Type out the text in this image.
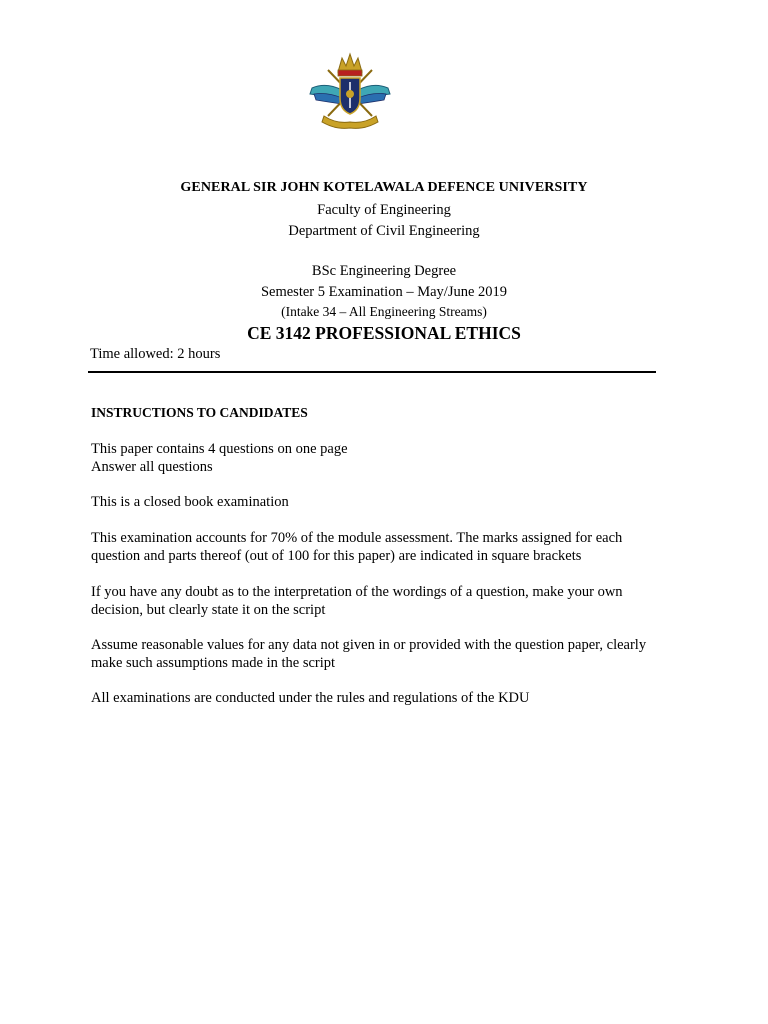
GENERAL SIR JOHN KOTELAWALA DEFENCE UNIVERSITY
Faculty of Engineering
Department of Civil Engineering
BSc Engineering Degree
Semester 5 Examination – May/June 2019
(Intake 34 – All Engineering Streams)
CE 3142 PROFESSIONAL ETHICS
Time allowed: 2 hours
INSTRUCTIONS TO CANDIDATES
This paper contains 4 questions on one page
Answer all questions
This is a closed book examination
This examination accounts for 70% of the module assessment. The marks assigned for each
question and parts thereof (out of 100 for this paper) are indicated in square brackets
If you have any doubt as to the interpretation of the wordings of a question, make your own
decision, but clearly state it on the script
Assume reasonable values for any data not given in or provided with the question paper, clearly
make such assumptions made in the script
All examinations are conducted under the rules and regulations of the KDU
